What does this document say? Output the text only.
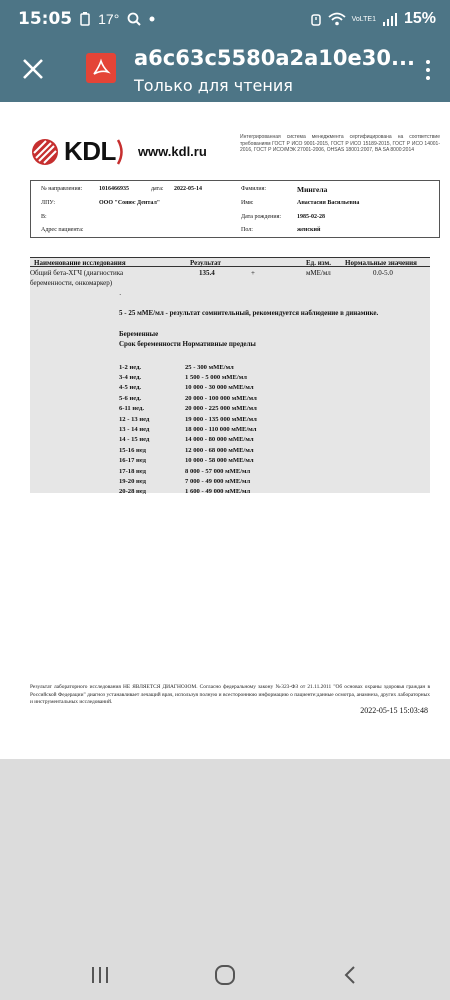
15:05 17°	VoLTE1 15%
a6c63c5580a2a10e30...
Только для чтения
KDL www.kdl.ru
Интегрированная система менеджмента сертифицирована на соответствие требованиям ГОСТ Р ИСО 9001-2015, ГОСТ Р ИСО 15189-2015, ГОСТ Р ИСО 14001-2016, ГОСТ Р ИСО/МЭК 27001-2006, OHSAS 18001:2007, BA SA 8000:2014
№ направления:	1016466935	дата: 2022-05-14	Фамилия:	Мингела
ЛПУ:	ООО "Сояюс Дентал"	Имя:	Анастасия Васильевна
В:	Дата рождения:	1985-02-28
Адрес пациента:	Пол:	женский
Наименование исследования	Результат	Ед. изм. Нормальные значения
Общий бета-ХГЧ (диагностика
беременности, онкомаркер)
135.4	+	мМЕ/мл	0.0-5.0
·
5 - 25 мМЕ/мл - результат сомнительный, рекомендуется наблюдение в динамике.
Беременные
Срок беременности Нормативные пределы
1-2 нед.	25 - 300 мМЕ/мл
3-4 нед.	1 500 - 5 000 мМЕ/мл
4-5 нед.	10 000 - 30 000 мМЕ/мл
5-6 нед.	20 000 - 100 000 мМЕ/мл
6-11 нед.	20 000 - 225 000 мМЕ/мл
12 - 13 нед	19 000 - 135 000 мМЕ/мл
13 - 14 нед	18 000 - 110 000 мМЕ/мл
14 - 15 нед	14 000 - 80 000 мМЕ/мл
15-16 нед	12 000 - 68 000 мМЕ/мл
16-17 нед	10 000 - 58 000 мМЕ/мл
17-18 нед	8 000 - 57 000 мМЕ/мл
19-20 нед	7 000 - 49 000 мМЕ/мл
20-28 нед	1 600 - 49 000 мМЕ/мл
Результат лабораторного исследования НЕ ЯВЛЯЕТСЯ ДИАГНОЗОМ. Согласно федеральному закону №323-ФЗ от 21.11.2011 "Об основах охраны здоровья граждан в Российской Федерации" диагноз устанавливает лечащий врач, используя полную и всестороннюю информацию о пациенте:данные осмотра, анамнеза, других лабораторных и инструментальных исследований.
2022-05-15 15:03:48
